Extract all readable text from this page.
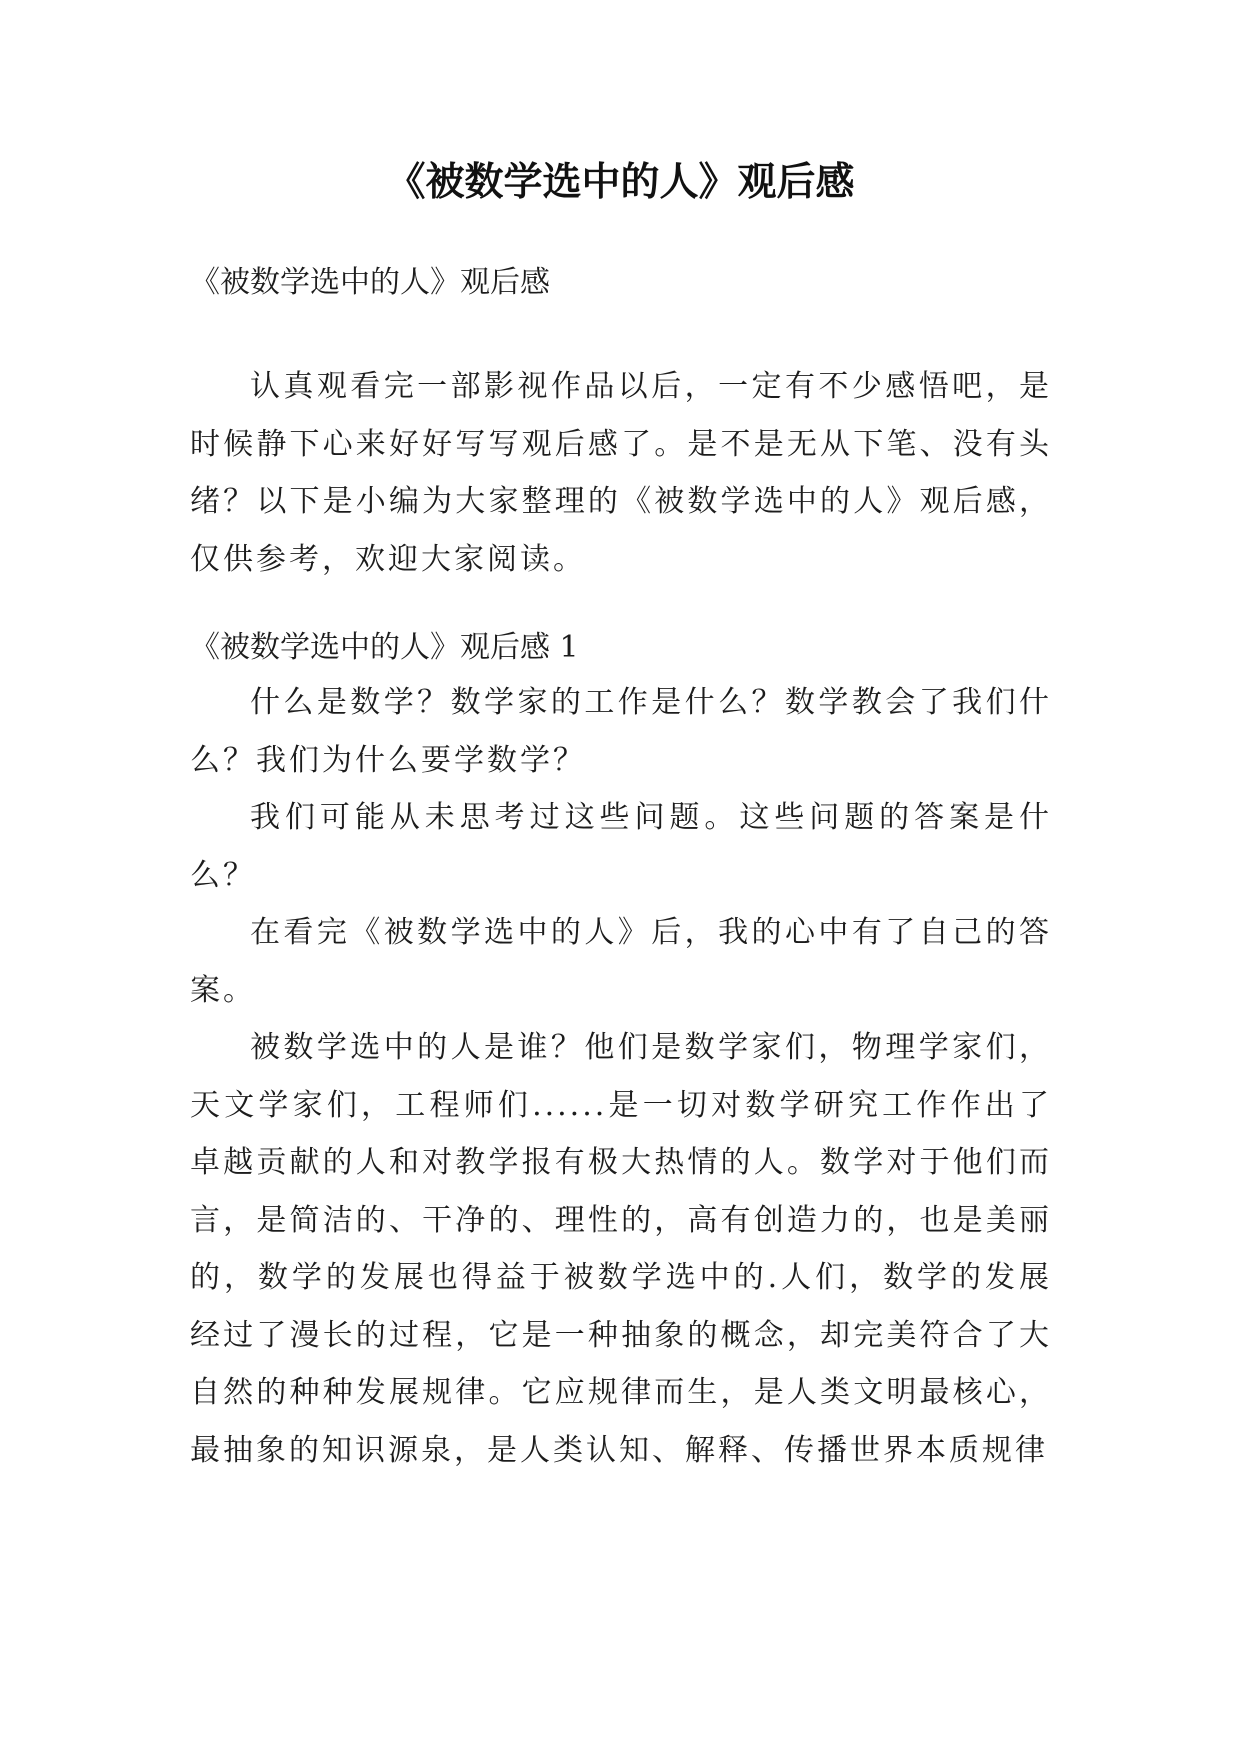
《被数学选中的人》观后感
《被数学选中的人》观后感

认真观看完一部影视作品以后，一定有不少感悟吧，是时候静下心来好好写写观后感了。是不是无从下笔、没有头绪？以下是小编为大家整理的《被数学选中的人》观后感，仅供参考，欢迎大家阅读。

《被数学选中的人》观后感 1

什么是数学？数学家的工作是什么？数学教会了我们什么？我们为什么要学数学？

我们可能从未思考过这些问题。这些问题的答案是什么？

在看完《被数学选中的人》后，我的心中有了自己的答案。

被数学选中的人是谁？他们是数学家们，物理学家们，天文学家们，工程师们......是一切对数学研究工作作出了卓越贡献的人和对教学报有极大热情的人。数学对于他们而言，是简洁的、干净的、理性的，高有创造力的，也是美丽的，数学的发展也得益于被数学选中的.人们，数学的发展经过了漫长的过程，它是一种抽象的概念，却完美符合了大自然的种种发展规律。它应规律而生，是人类文明最核心，最抽象的知识源泉，是人类认知、解释、传播世界本质规律
